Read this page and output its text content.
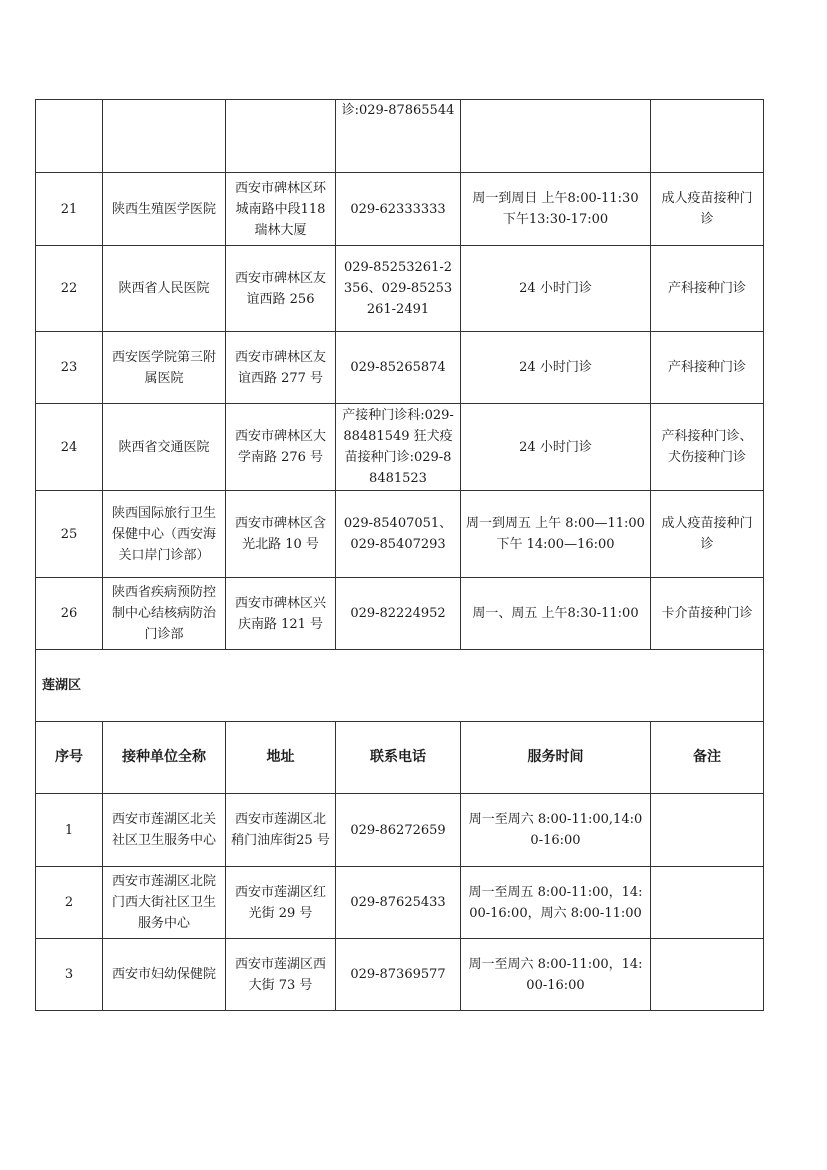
			诊:029-87865544		
21	陕西生殖医学医院	西安市碑林区环城南路中段118 瑞林大厦	029-62333333	周一到周日 上午8:00-11:30 下午13:30-17:00	成人疫苗接种门诊
22	陕西省人民医院	西安市碑林区友谊西路 256	029-85253261-2356、029-85253261-2491	24 小时门诊	产科接种门诊
23	西安医学院第三附属医院	西安市碑林区友谊西路 277 号	029-85265874	24 小时门诊	产科接种门诊
24	陕西省交通医院	西安市碑林区大学南路 276 号	产接种门诊科:029-88481549 狂犬疫苗接种门诊:029-88481523	24 小时门诊	产科接种门诊、犬伤接种门诊
25	陕西国际旅行卫生保健中心（西安海关口岸门诊部）	西安市碑林区含光北路 10 号	029-85407051、029-85407293	周一到周五 上午 8:00—11:00 下午 14:00—16:00	成人疫苗接种门诊
26	陕西省疾病预防控制中心结核病防治门诊部	西安市碑林区兴庆南路 121 号	029-82224952	周一、周五 上午8:30-11:00	卡介苗接种门诊
莲湖区					
序号	接种单位全称	地址	联系电话	服务时间	备注
1	西安市莲湖区北关社区卫生服务中心	西安市莲湖区北稍门油库街25 号	029-86272659	周一至周六 8:00-11:00,14:00-16:00	
2	西安市莲湖区北院门西大街社区卫生服务中心	西安市莲湖区红光街 29 号	029-87625433	周一至周五 8:00-11:00，14:00-16:00，周六 8:00-11:00	
3	西安市妇幼保健院	西安市莲湖区西大街 73 号	029-87369577	周一至周六 8:00-11:00，14:00-16:00	
